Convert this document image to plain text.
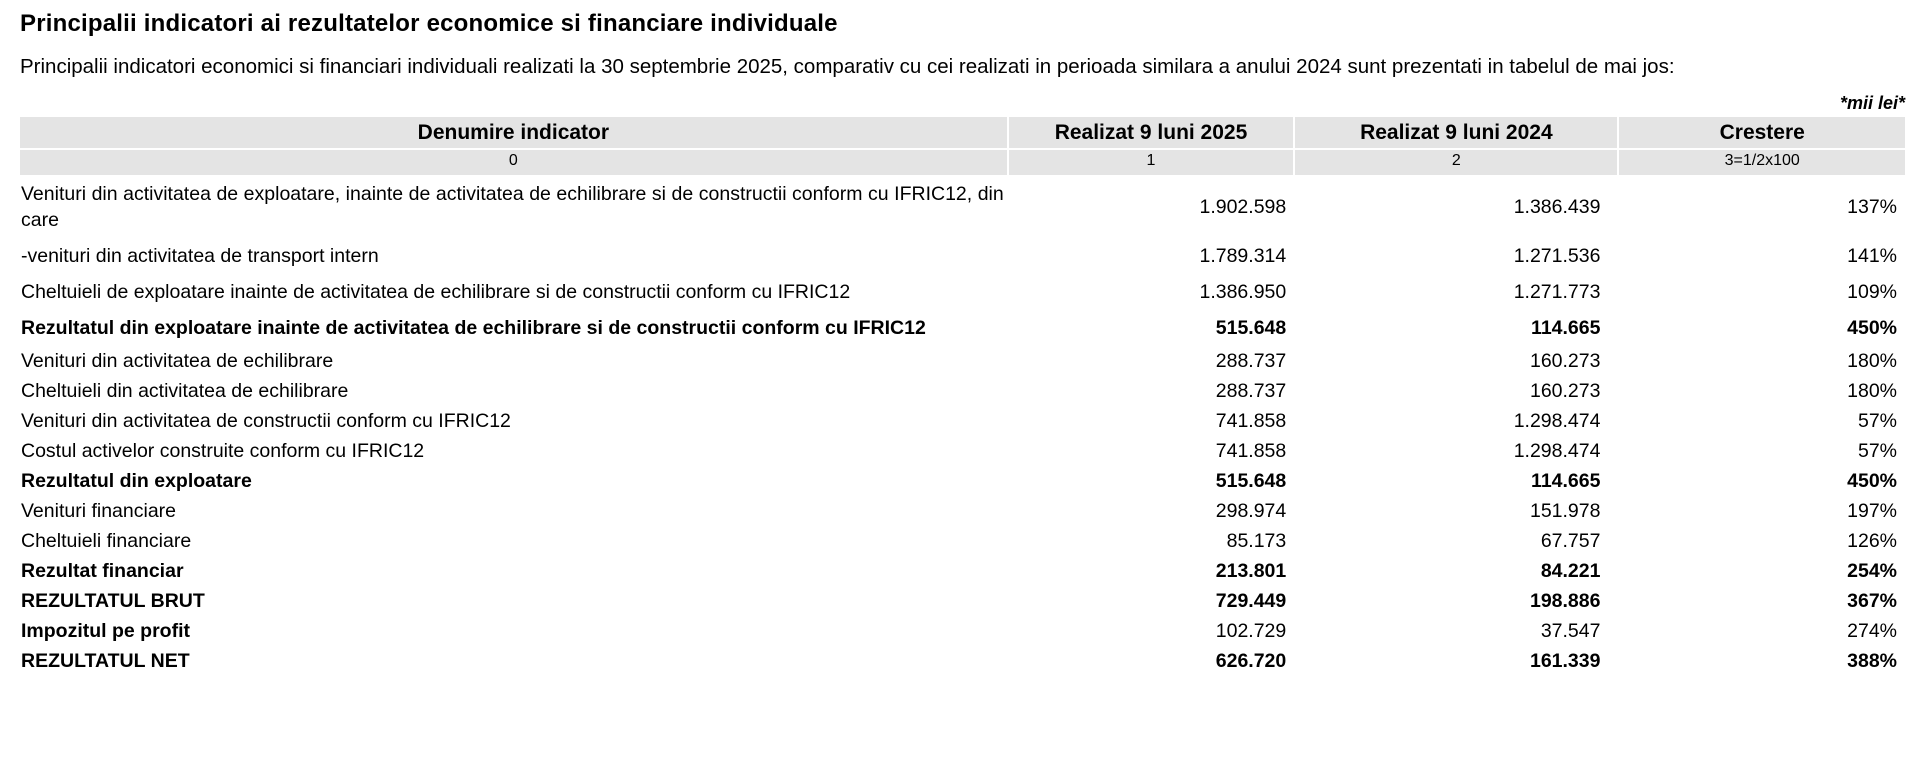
Principalii indicatori ai rezultatelor economice si financiare individuale

Principalii indicatori economici si financiari individuali realizati la 30 septembrie 2025, comparativ cu cei realizati in perioada similara a anului 2024 sunt prezentati in tabelul de mai jos:

*mii lei*
Denumire indicator	Realizat 9 luni 2025	Realizat 9 luni 2024	Crestere
0	1	2	3=1/2x100
Venituri din activitatea de exploatare, inainte de activitatea de echilibrare si de constructii conform cu IFRIC12, din care	1.902.598	1.386.439	137%
-venituri din activitatea de transport intern	1.789.314	1.271.536	141%
Cheltuieli de exploatare inainte de activitatea de echilibrare si de constructii conform cu IFRIC12	1.386.950	1.271.773	109%
Rezultatul din exploatare inainte de activitatea de echilibrare si de constructii conform cu IFRIC12	515.648	114.665	450%
Venituri din activitatea de echilibrare	288.737	160.273	180%
Cheltuieli din activitatea de echilibrare	288.737	160.273	180%
Venituri din activitatea de constructii conform cu IFRIC12	741.858	1.298.474	57%
Costul activelor construite conform cu IFRIC12	741.858	1.298.474	57%
Rezultatul din exploatare	515.648	114.665	450%
Venituri financiare	298.974	151.978	197%
Cheltuieli financiare	85.173	67.757	126%
Rezultat financiar	213.801	84.221	254%
REZULTATUL BRUT	729.449	198.886	367%
Impozitul pe profit	102.729	37.547	274%
REZULTATUL NET	626.720	161.339	388%
